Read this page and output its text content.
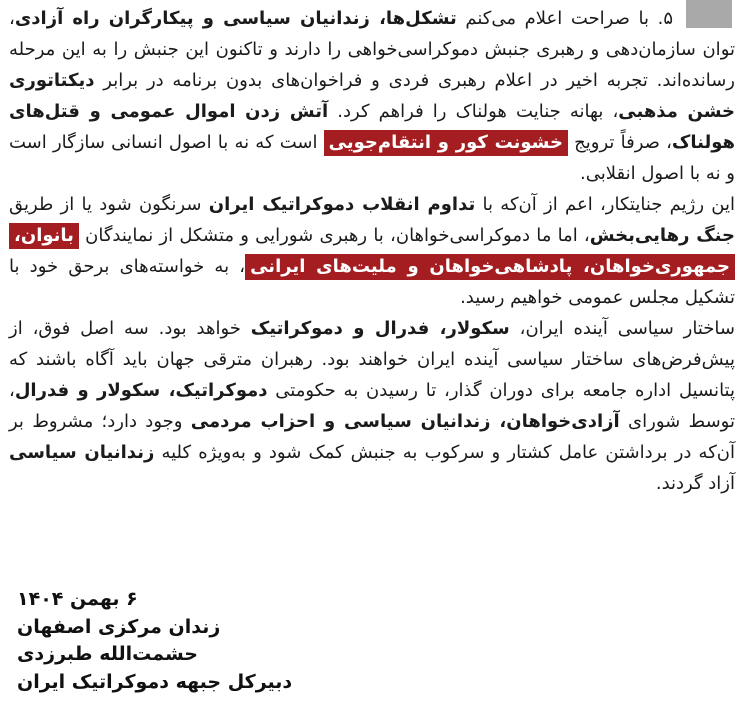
۵. با صراحت اعلام می‌کنم تشکل‌ها، زندانیان سیاسی و پیکارگران راه آزادی، توان سازمان‌دهی و رهبری جنبش دموکراسی‌خواهی را دارند و تاکنون این جنبش را به این مرحله رسانده‌اند. تجربه اخیر در اعلام رهبری فردی و فراخوان‌های بدون برنامه در برابر دیکتاتوری خشن مذهبی، بهانه جنایت هولناک را فراهم کرد. آتش زدن اموال عمومی و قتل‌های هولناک، صرفاً ترویج خشونت کور و انتقام‌جویی است که نه با اصول انسانی سازگار است و نه با اصول انقلابی.

این رژیم جنایتکار، اعم از آن‌که با تداوم انقلاب دموکراتیک ایران سرنگون شود یا از طریق جنگ رهایی‌بخش، اما ما دموکراسی‌خواهان، با رهبری شورایی و متشکل از نمایندگان بانوان، جمهوری‌خواهان، پادشاهی‌خواهان و ملیت‌های ایرانی، به خواسته‌های برحق خود با تشکیل مجلس عمومی خواهیم رسید.

ساختار سیاسی آینده ایران، سکولار، فدرال و دموکراتیک خواهد بود. سه اصل فوق، از پیش‌فرض‌های ساختار سیاسی آینده ایران خواهند بود. رهبران مترقی جهان باید آگاه باشند که پتانسیل اداره جامعه برای دوران گذار، تا رسیدن به حکومتی دموکراتیک، سکولار و فدرال، توسط شورای آزادی‌خواهان، زندانیان سیاسی و احزاب مردمی وجود دارد؛ مشروط بر آن‌که در برداشتن عامل کشتار و سرکوب به جنبش کمک شود و به‌ویژه کلیه زندانیان سیاسی آزاد گردند.

۶ بهمن ۱۴۰۴
زندان مرکزی اصفهان
حشمت‌الله طبرزدی
دبیرکل جبهه دموکراتیک ایران
